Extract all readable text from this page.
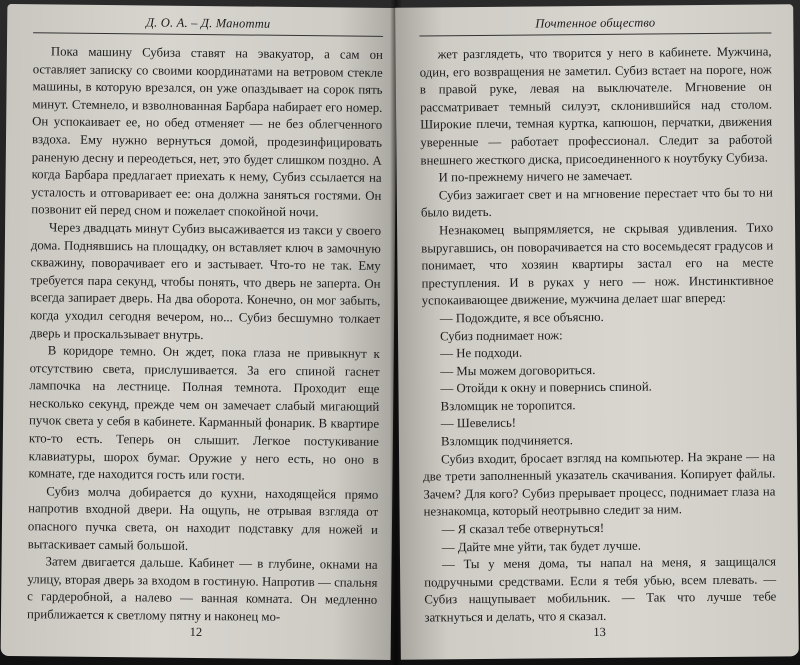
Д. О. А. – Д. Манотти

Пока машину Субиза ставят на эвакуатор, а сам он оставляет записку со своими координатами на ветровом стекле машины, в которую врезался, он уже опаздывает на сорок пять минут. Стемнело, и взволнованная Барбара набирает его номер. Он успокаивает ее, но обед отменяет — не без облегченного вздоха. Ему нужно вернуться домой, продезинфицировать раненую десну и переодеться, нет, это будет слишком поздно. А когда Барбара предлагает приехать к нему, Субиз ссылается на усталость и отговаривает ее: она должна заняться гостями. Он позвонит ей перед сном и пожелает спокойной ночи.

Через двадцать минут Субиз высаживается из такси у своего дома. Поднявшись на площадку, он вставляет ключ в замочную скважину, поворачивает его и застывает. Что-то не так. Ему требуется пара секунд, чтобы понять, что дверь не заперта. Он всегда запирает дверь. На два оборота. Конечно, он мог забыть, когда уходил сегодня вечером, но... Субиз бесшумно толкает дверь и проскальзывает внутрь.

В коридоре темно. Он ждет, пока глаза не привыкнут к отсутствию света, прислушивается. За его спиной гаснет лампочка на лестнице. Полная темнота. Проходит еще несколько секунд, прежде чем он замечает слабый мигающий пучок света у себя в кабинете. Карманный фонарик. В квартире кто-то есть. Теперь он слышит. Легкое постукивание клавиатуры, шорох бумаг. Оружие у него есть, но оно в комнате, где находится гость или гости.

Субиз молча добирается до кухни, находящейся прямо напротив входной двери. На ощупь, не отрывая взгляда от опасного пучка света, он находит подставку для ножей и вытаскивает самый большой.

Затем двигается дальше. Кабинет — в глубине, окнами на улицу, вторая дверь за входом в гостиную. Напротив — спальня с гардеробной, а налево — ванная комната. Он медленно приближается к светлому пятну и наконец мо-

12
Почтенное общество

жет разглядеть, что творится у него в кабинете. Мужчина, один, его возвращения не заметил. Субиз встает на пороге, нож в правой руке, левая на выключателе. Мгновение он рассматривает темный силуэт, склонившийся над столом. Широкие плечи, темная куртка, капюшон, перчатки, движения уверенные — работает профессионал. Следит за работой внешнего жесткого диска, присоединенного к ноутбуку Субиза.

И по-прежнему ничего не замечает.

Субиз зажигает свет и на мгновение перестает что бы то ни было видеть.

Незнакомец выпрямляется, не скрывая удивления. Тихо выругавшись, он поворачивается на сто восемьдесят градусов и понимает, что хозяин квартиры застал его на месте преступления. И в руках у него — нож. Инстинктивное успокаивающее движение, мужчина делает шаг вперед:

— Подождите, я все объясню.

Субиз поднимает нож:

— Не подходи.

— Мы можем договориться.

— Отойди к окну и повернись спиной.

Взломщик не торопится.

— Шевелись!

Взломщик подчиняется.

Субиз входит, бросает взгляд на компьютер. На экране — на две трети заполненный указатель скачивания. Копирует файлы. Зачем? Для кого? Субиз прерывает процесс, поднимает глаза на незнакомца, который неотрывно следит за ним.

— Я сказал тебе отвернуться!

— Дайте мне уйти, так будет лучше.

— Ты у меня дома, ты напал на меня, я защищался подручными средствами. Если я тебя убью, всем плевать. — Субиз нащупывает мобильник. — Так что лучше тебе заткнуться и делать, что я сказал.

13
